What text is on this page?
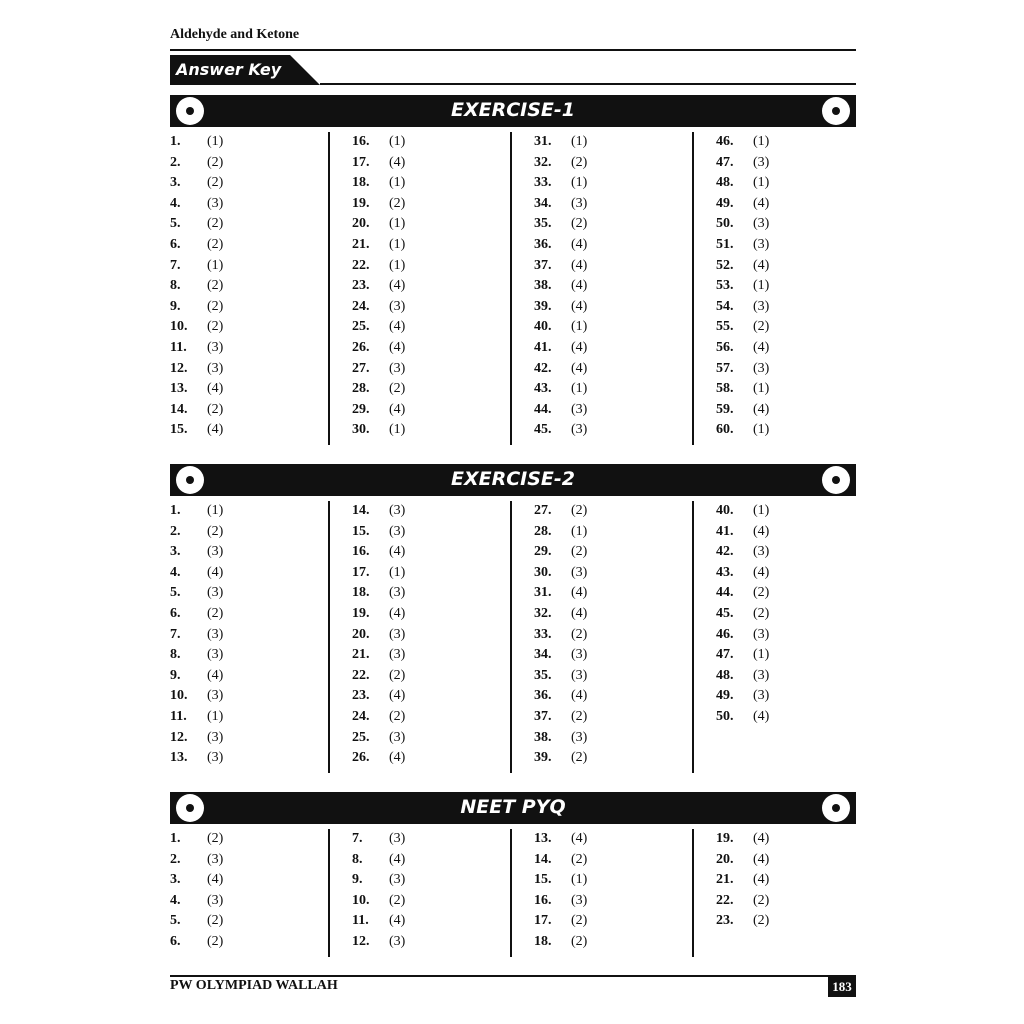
Aldehyde and Ketone
Answer Key
EXERCISE-1
1. (1)
2. (2)
3. (2)
4. (3)
5. (2)
6. (2)
7. (1)
8. (2)
9. (2)
10. (2)
11. (3)
12. (3)
13. (4)
14. (2)
15. (4)
16. (1)
17. (4)
18. (1)
19. (2)
20. (1)
21. (1)
22. (1)
23. (4)
24. (3)
25. (4)
26. (4)
27. (3)
28. (2)
29. (4)
30. (1)
31. (1)
32. (2)
33. (1)
34. (3)
35. (2)
36. (4)
37. (4)
38. (4)
39. (4)
40. (1)
41. (4)
42. (4)
43. (1)
44. (3)
45. (3)
46. (1)
47. (3)
48. (1)
49. (4)
50. (3)
51. (3)
52. (4)
53. (1)
54. (3)
55. (2)
56. (4)
57. (3)
58. (1)
59. (4)
60. (1)
EXERCISE-2
1. (1)
2. (2)
3. (3)
4. (4)
5. (3)
6. (2)
7. (3)
8. (3)
9. (4)
10. (3)
11. (1)
12. (3)
13. (3)
14. (3)
15. (3)
16. (4)
17. (1)
18. (3)
19. (4)
20. (3)
21. (3)
22. (2)
23. (4)
24. (2)
25. (3)
26. (4)
27. (2)
28. (1)
29. (2)
30. (3)
31. (4)
32. (4)
33. (2)
34. (3)
35. (3)
36. (4)
37. (2)
38. (3)
39. (2)
40. (1)
41. (4)
42. (3)
43. (4)
44. (2)
45. (2)
46. (3)
47. (1)
48. (3)
49. (3)
50. (4)
NEET PYQ
1. (2)
2. (3)
3. (4)
4. (3)
5. (2)
6. (2)
7. (3)
8. (4)
9. (3)
10. (2)
11. (4)
12. (3)
13. (4)
14. (2)
15. (1)
16. (3)
17. (2)
18. (2)
19. (4)
20. (4)
21. (4)
22. (2)
23. (2)
PW OLYMPIAD WALLAH	183
